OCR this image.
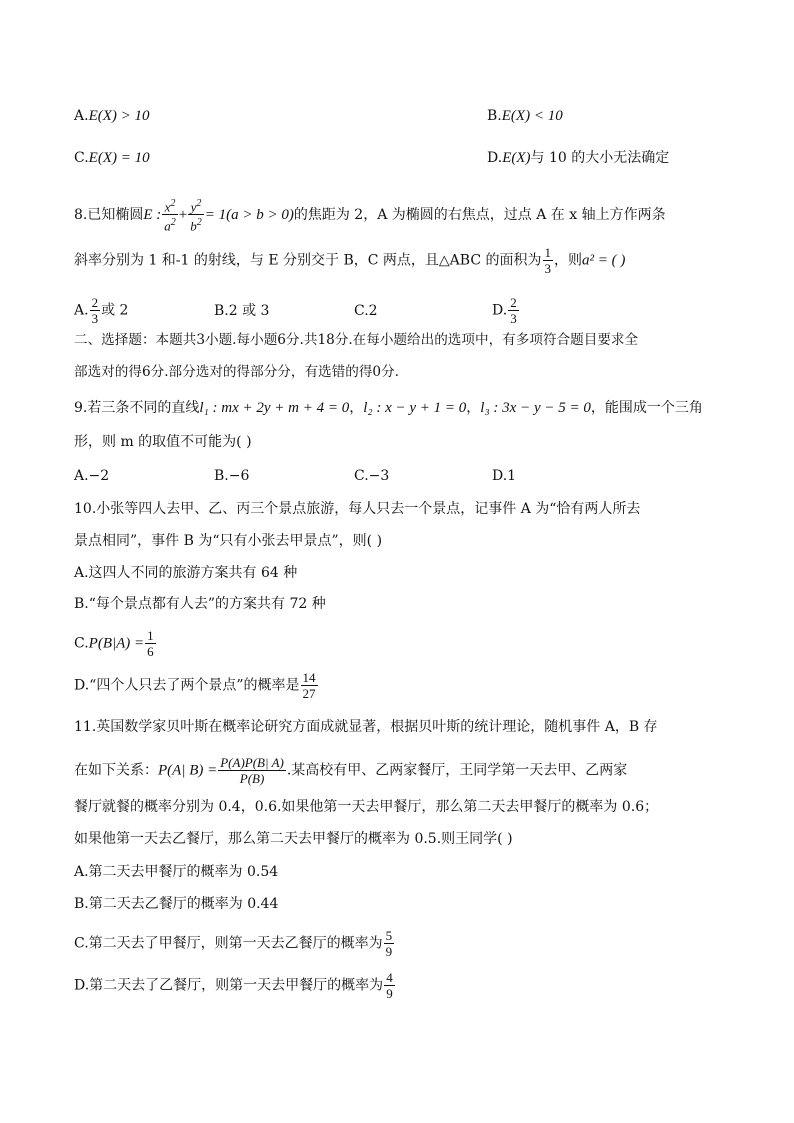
A.E(X) > 10	B.E(X) < 10
C.E(X) = 10	D.E(X)与 10 的大小无法确定
8.已知椭圆E : $\frac{x^2}{a^2} + \frac{y^2}{b^2} = 1(a > b > 0)$的焦距为 2，A 为椭圆的右焦点，过点 A 在 x 轴上方作两条
斜率分别为 1 和-1 的射线，与 E 分别交于 B，C 两点，且△ABC 的面积为 $\frac{1}{3}$ ，则a² = ( )
A. $\frac{2}{3}$ 或 2	B.2 或 3	C.2	D. $\frac{2}{3}$
二、选择题：本题共3小题.每小题6分.共18分.在每小题给出的选项中，有多项符合题目要求全
部选对的得6分.部分选对的得部分分，有选错的得0分.
9.若三条不同的直线l₁ : mx + 2y + m + 4 = 0，l₂ : x − y + 1 = 0，l₃ : 3x − y − 5 = 0，能围成一个三角
形，则 m 的取值不可能为( )
A.−2	B.−6	C.−3	D.1
10.小张等四人去甲、乙、丙三个景点旅游，每人只去一个景点，记事件 A 为“恰有两人所去
景点相同”，事件 B 为“只有小张去甲景点”，则( )
A.这四人不同的旅游方案共有 64 种
B.“每个景点都有人去”的方案共有 72 种
$C.P(B|A) = \frac{1}{6}$
D.“四个人只去了两个景点”的概率是 $\frac{14}{27}$
11.英国数学家贝叶斯在概率论研究方面成就显著，根据贝叶斯的统计理论，随机事件 A，B 存
在如下关系：P(A| $B) = \frac{P(A)P(B| A)}{P(B)}$ .某高校有甲、乙两家餐厅，王同学第一天去甲、乙两家
餐厅就餐的概率分别为 0.4，0.6.如果他第一天去甲餐厅，那么第二天去甲餐厅的概率为 0.6；
如果他第一天去乙餐厅，那么第二天去甲餐厅的概率为 0.5.则王同学( )
A.第二天去甲餐厅的概率为 0.54
B.第二天去乙餐厅的概率为 0.44
C.第二天去了甲餐厅，则第一天去乙餐厅的概率为 $\frac{5}{9}$
D.第二天去了乙餐厅，则第一天去甲餐厅的概率为 $\frac{4}{9}$
